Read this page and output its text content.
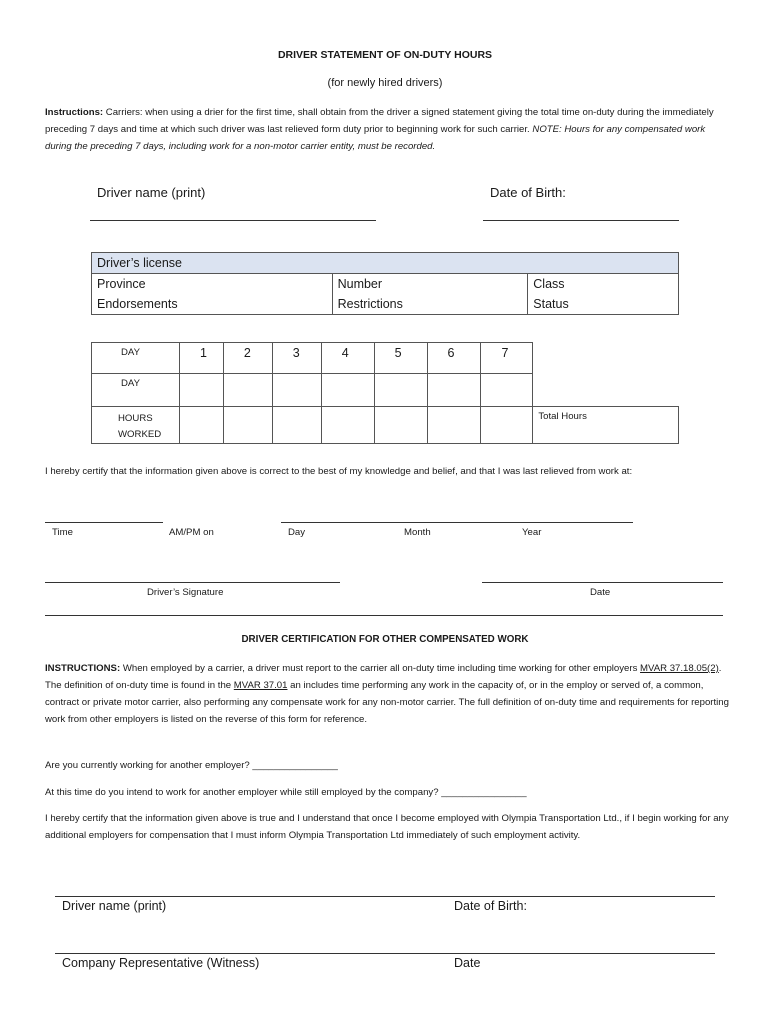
DRIVER STATEMENT OF ON-DUTY HOURS
(for newly hired drivers)
Instructions: Carriers: when using a drier for the first time, shall obtain from the driver a signed statement giving the total time on-duty during the immediately preceding 7 days and time at which such driver was last relieved form duty prior to beginning work for such carrier. NOTE: Hours for any compensated work during the preceding 7 days, including work for a non-motor carrier entity, must be recorded.
Driver name (print)	Date of Birth:
Driver’s license		
Province	Number	Class
Endorsements	Restrictions	Status
DAY	1	2	3	4	5	6	7	
DAY								
HOURS
WORKED								Total Hours
I hereby certify that the information given above is correct to the best of my knowledge and belief, and that I was last relieved from work at:
Time	AM/PM on	Day	Month	Year
Driver’s Signature	Date
DRIVER CERTIFICATION FOR OTHER COMPENSATED WORK
INSTRUCTIONS: When employed by a carrier, a driver must report to the carrier all on-duty time including time working for other employers MVAR 37.18.05(2). The definition of on-duty time is found in the MVAR 37.01 an includes time performing any work in the capacity of, or in the employ or served of, a common, contract or private motor carrier, also performing any compensate work for any non-motor carrier. The full definition of on-duty time and requirements for reporting work from other employers is listed on the reverse of this form for reference.
Are you currently working for another employer? ________________
At this time do you intend to work for another employer while still employed by the company? ________________
I hereby certify that the information given above is true and I understand that once I become employed with Olympia Transportation Ltd., if I begin working for any additional employers for compensation that I must inform Olympia Transportation Ltd immediately of such employment activity.
Driver name (print)	Date of Birth:
Company Representative (Witness)	Date
